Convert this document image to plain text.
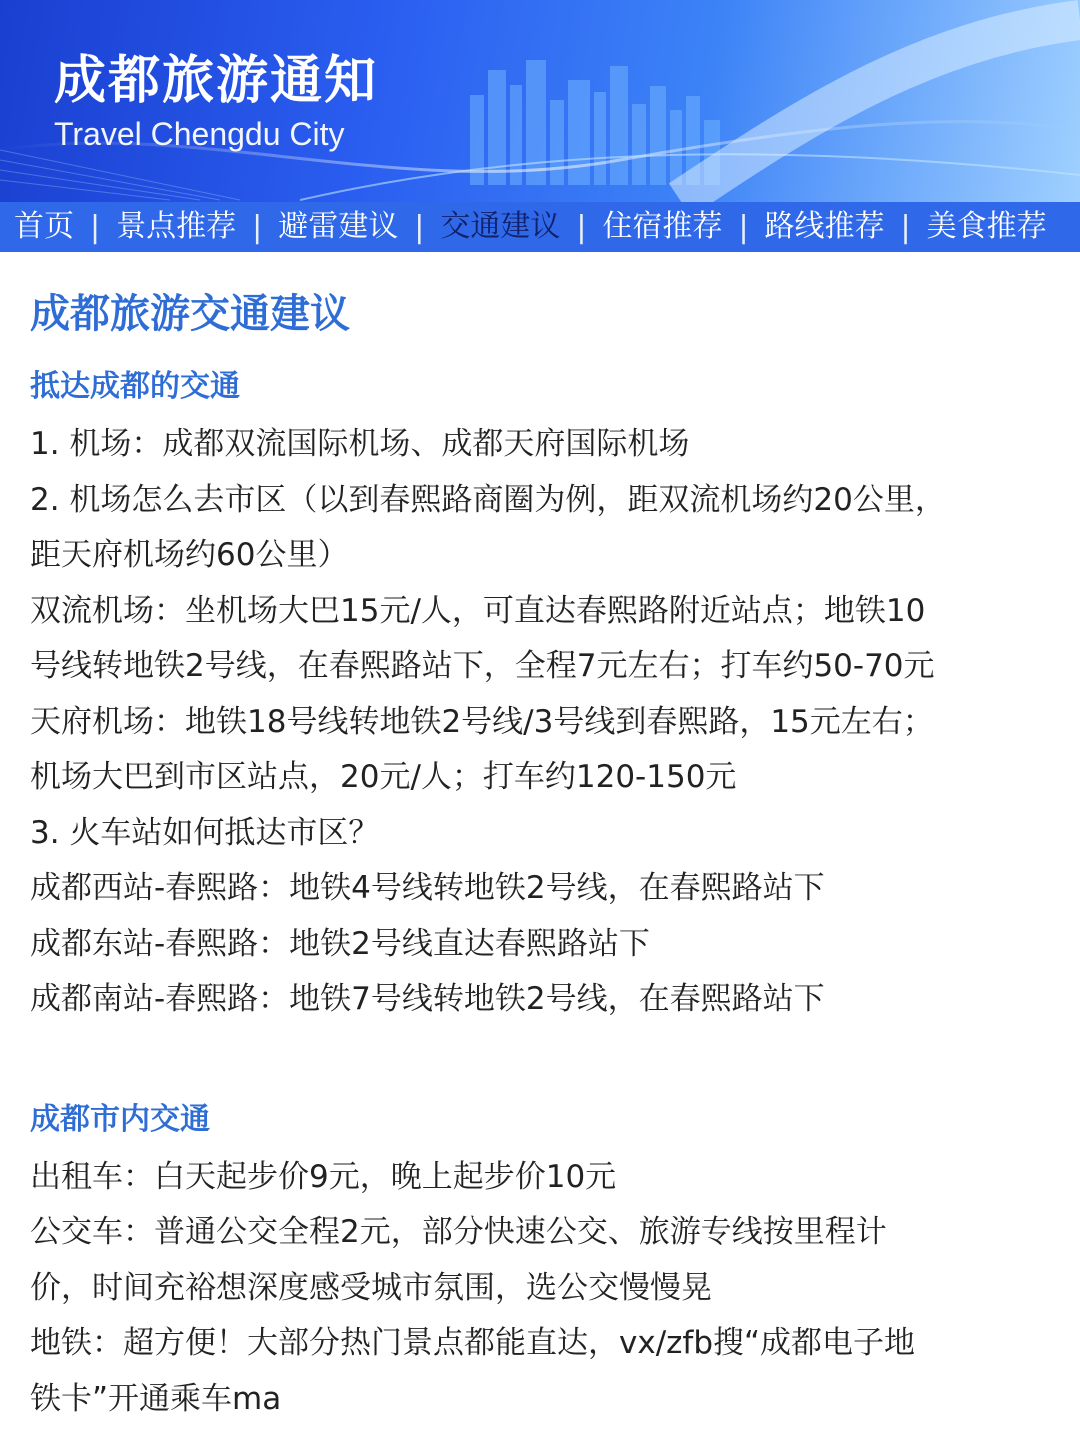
成都旅游通知
Travel Chengdu City
首页 | 景点推荐 | 避雷建议 | 交通建议 | 住宿推荐 | 路线推荐 | 美食推荐
成都旅游交通建议
抵达成都的交通
1. 机场：成都双流国际机场、成都天府国际机场
2. 机场怎么去市区（以到春熙路商圈为例，距双流机场约20公里，
距天府机场约60公里）
双流机场：坐机场大巴15元/人，可直达春熙路附近站点；地铁10
号线转地铁2号线，在春熙路站下，全程7元左右；打车约50-70元
天府机场：地铁18号线转地铁2号线/3号线到春熙路，15元左右；
机场大巴到市区站点，20元/人；打车约120-150元
3. 火车站如何抵达市区？
成都西站-春熙路：地铁4号线转地铁2号线，在春熙路站下
成都东站-春熙路：地铁2号线直达春熙路站下
成都南站-春熙路：地铁7号线转地铁2号线，在春熙路站下
成都市内交通
出租车：白天起步价9元，晚上起步价10元
公交车：普通公交全程2元，部分快速公交、旅游专线按里程计
价，时间充裕想深度感受城市氛围，选公交慢慢晃
地铁：超方便！大部分热门景点都能直达，vx/zfb搜“成都电子地
铁卡”开通乘车ma
